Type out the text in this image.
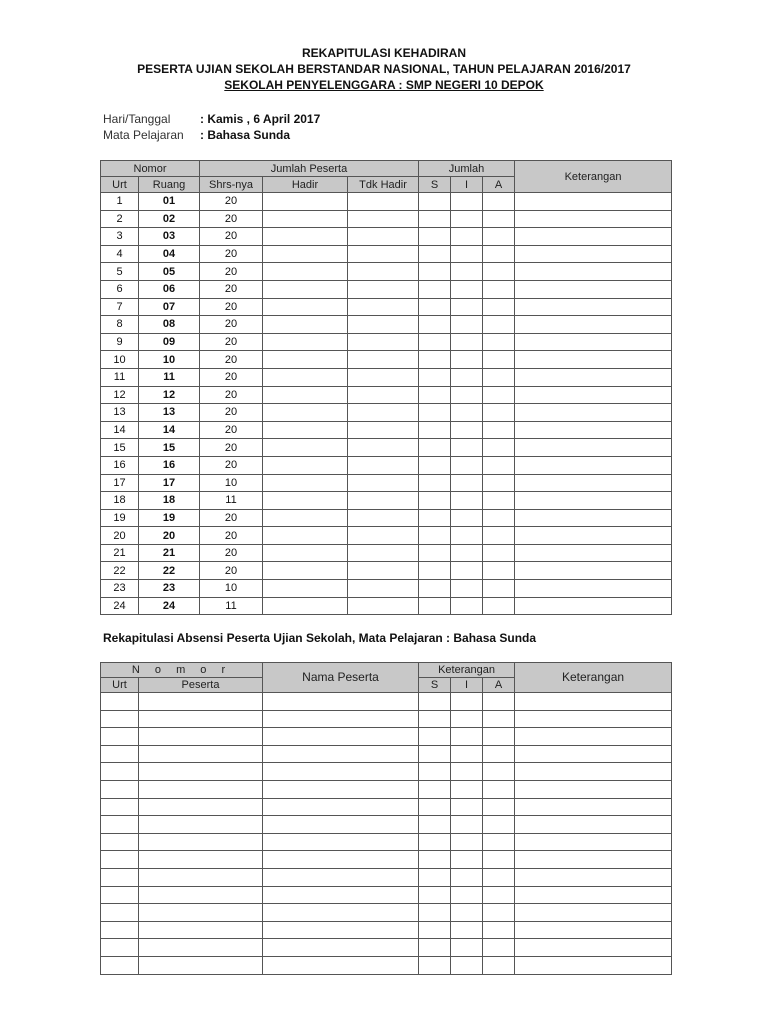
REKAPITULASI KEHADIRAN
PESERTA UJIAN SEKOLAH BERSTANDAR NASIONAL, TAHUN PELAJARAN 2016/2017
SEKOLAH PENYELENGGARA : SMP NEGERI 10 DEPOK
Hari/Tanggal : Kamis , 6 April 2017
Mata Pelajaran : Bahasa Sunda
Nomor		Jumlah Peserta			Jumlah			Keterangan
Urt	Ruang	Shrs-nya	Hadir	Tdk Hadir	S	I	A	
1	01	20						
2	02	20						
3	03	20						
4	04	20						
5	05	20						
6	06	20						
7	07	20						
8	08	20						
9	09	20						
10	10	20						
11	11	20						
12	12	20						
13	13	20						
14	14	20						
15	15	20						
16	16	20						
17	17	10						
18	18	11						
19	19	20						
20	20	20						
21	21	20						
22	22	20						
23	23	10						
24	24	11						
Rekapitulasi Absensi Peserta Ujian Sekolah, Mata Pelajaran : Bahasa Sunda
N o m o r		Nama Peserta	Keterangan			Keterangan
Urt	Peserta		S	I	A	
